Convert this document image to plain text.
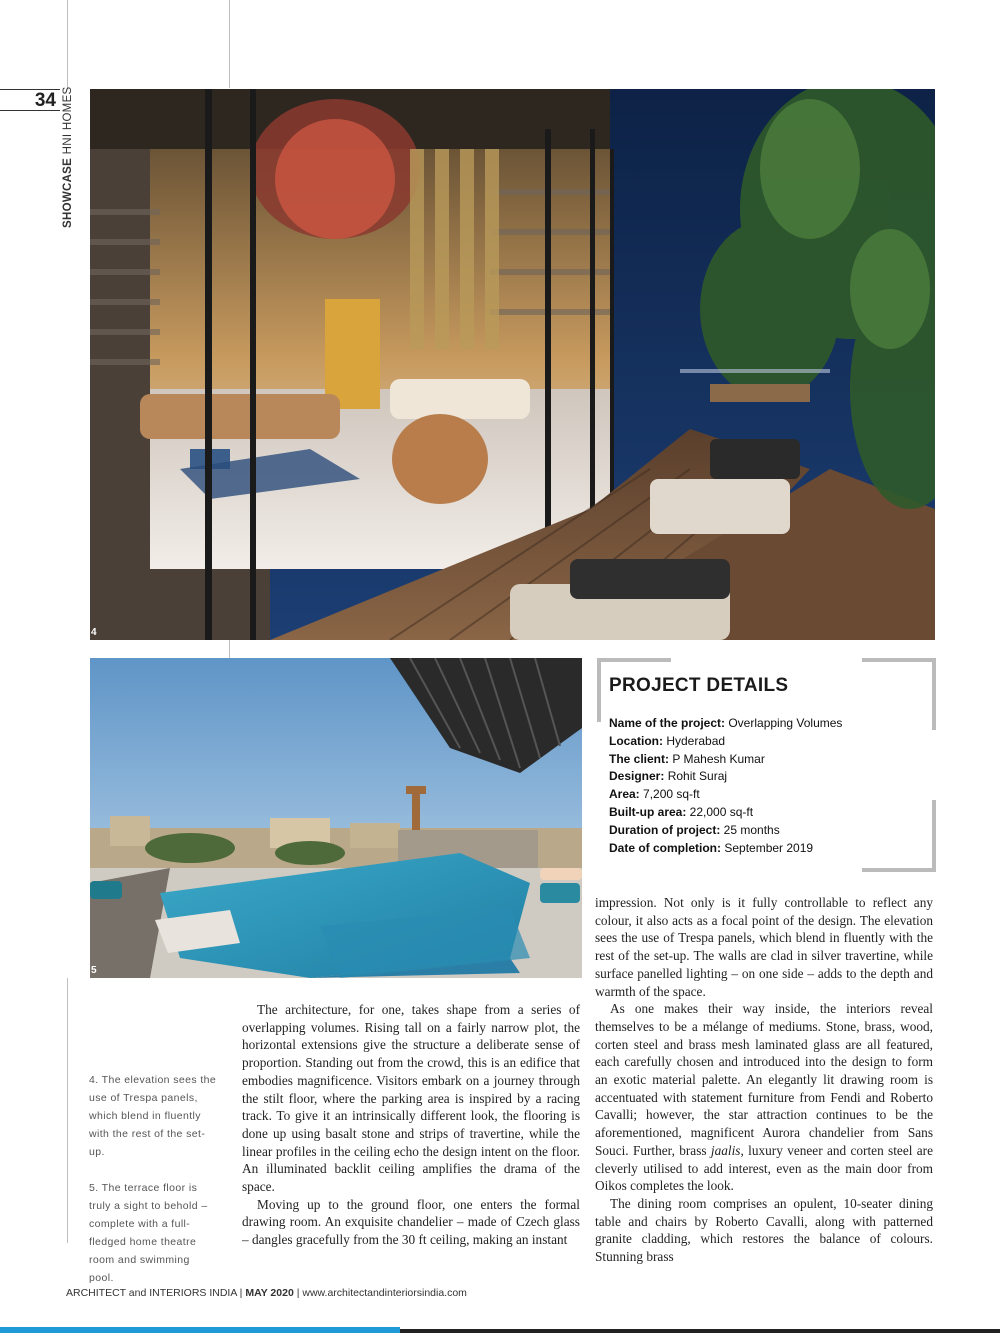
34
SHOWCASE HNI HOMES
4
5
PROJECT DETAILS
Name of the project: Overlapping Volumes
Location: Hyderabad
The client: P Mahesh Kumar
Designer: Rohit Suraj
Area: 7,200 sq-ft
Built-up area: 22,000 sq-ft
Duration of project: 25 months
Date of completion: September 2019

4. The elevation sees the use of Trespa panels, which blend in fluently with the rest of the set-up.

5. The terrace floor is truly a sight to behold – complete with a full-fledged home theatre room and swimming pool.

The architecture, for one, takes shape from a series of overlapping volumes. Rising tall on a fairly narrow plot, the horizontal extensions give the structure a deliberate sense of proportion. Standing out from the crowd, this is an edifice that embodies magnificence. Visitors embark on a journey through the stilt floor, where the parking area is inspired by a racing track. To give it an intrinsically different look, the flooring is done up using basalt stone and strips of travertine, while the linear profiles in the ceiling echo the design intent on the floor. An illuminated backlit ceiling amplifies the drama of the space.

Moving up to the ground floor, one enters the formal drawing room. An exquisite chandelier – made of Czech glass – dangles gracefully from the 30 ft ceiling, making an instant

impression. Not only is it fully controllable to reflect any colour, it also acts as a focal point of the design. The elevation sees the use of Trespa panels, which blend in fluently with the rest of the set-up. The walls are clad in silver travertine, while surface panelled lighting – on one side – adds to the depth and warmth of the space.

As one makes their way inside, the interiors reveal themselves to be a mélange of mediums. Stone, brass, wood, corten steel and brass mesh laminated glass are all featured, each carefully chosen and introduced into the design to form an exotic material palette. An elegantly lit drawing room is accentuated with statement furniture from Fendi and Roberto Cavalli; however, the star attraction continues to be the aforementioned, magnificent Aurora chandelier from Sans Souci. Further, brass jaalis, luxury veneer and corten steel are cleverly utilised to add interest, even as the main door from Oikos completes the look.

The dining room comprises an opulent, 10-seater dining table and chairs by Roberto Cavalli, along with patterned granite cladding, which restores the balance of colours. Stunning brass

ARCHITECT and INTERIORS INDIA | MAY 2020 | www.architectandinteriorsindia.com
